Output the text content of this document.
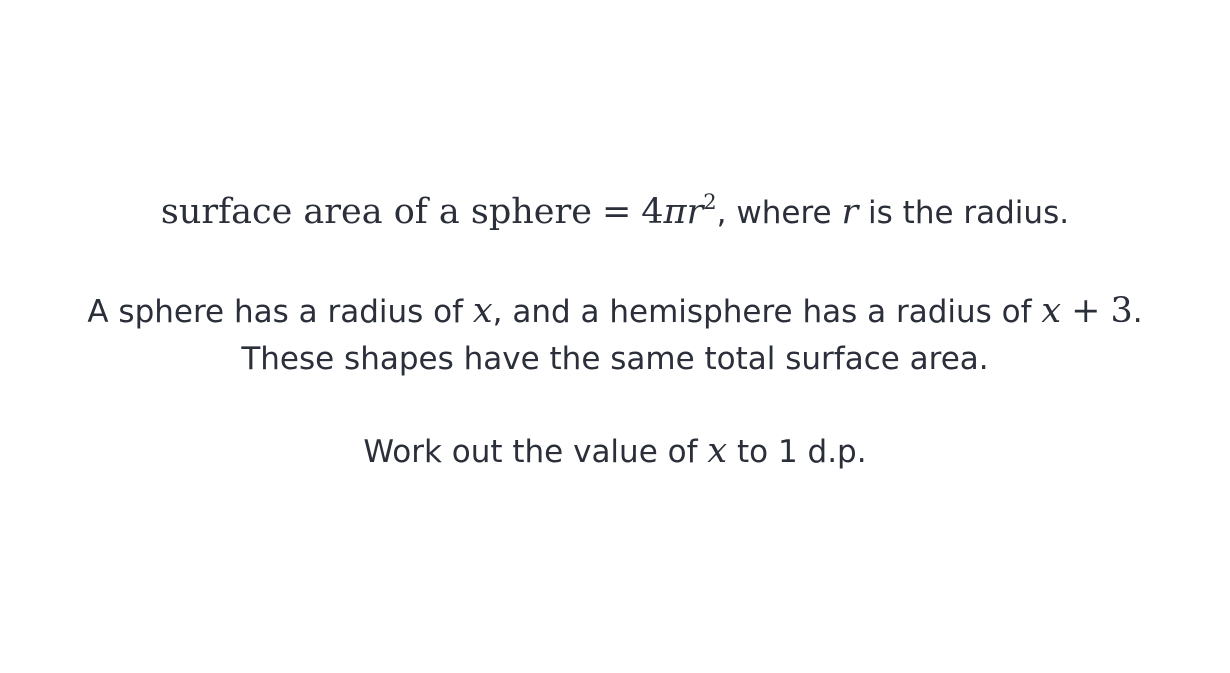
surface area of a sphere = $4\pi r^2$, where r is the radius.
A sphere has a radius of x, and a hemisphere has a radius of x + 3.
These shapes have the same total surface area.
Work out the value of x to 1 d.p.
